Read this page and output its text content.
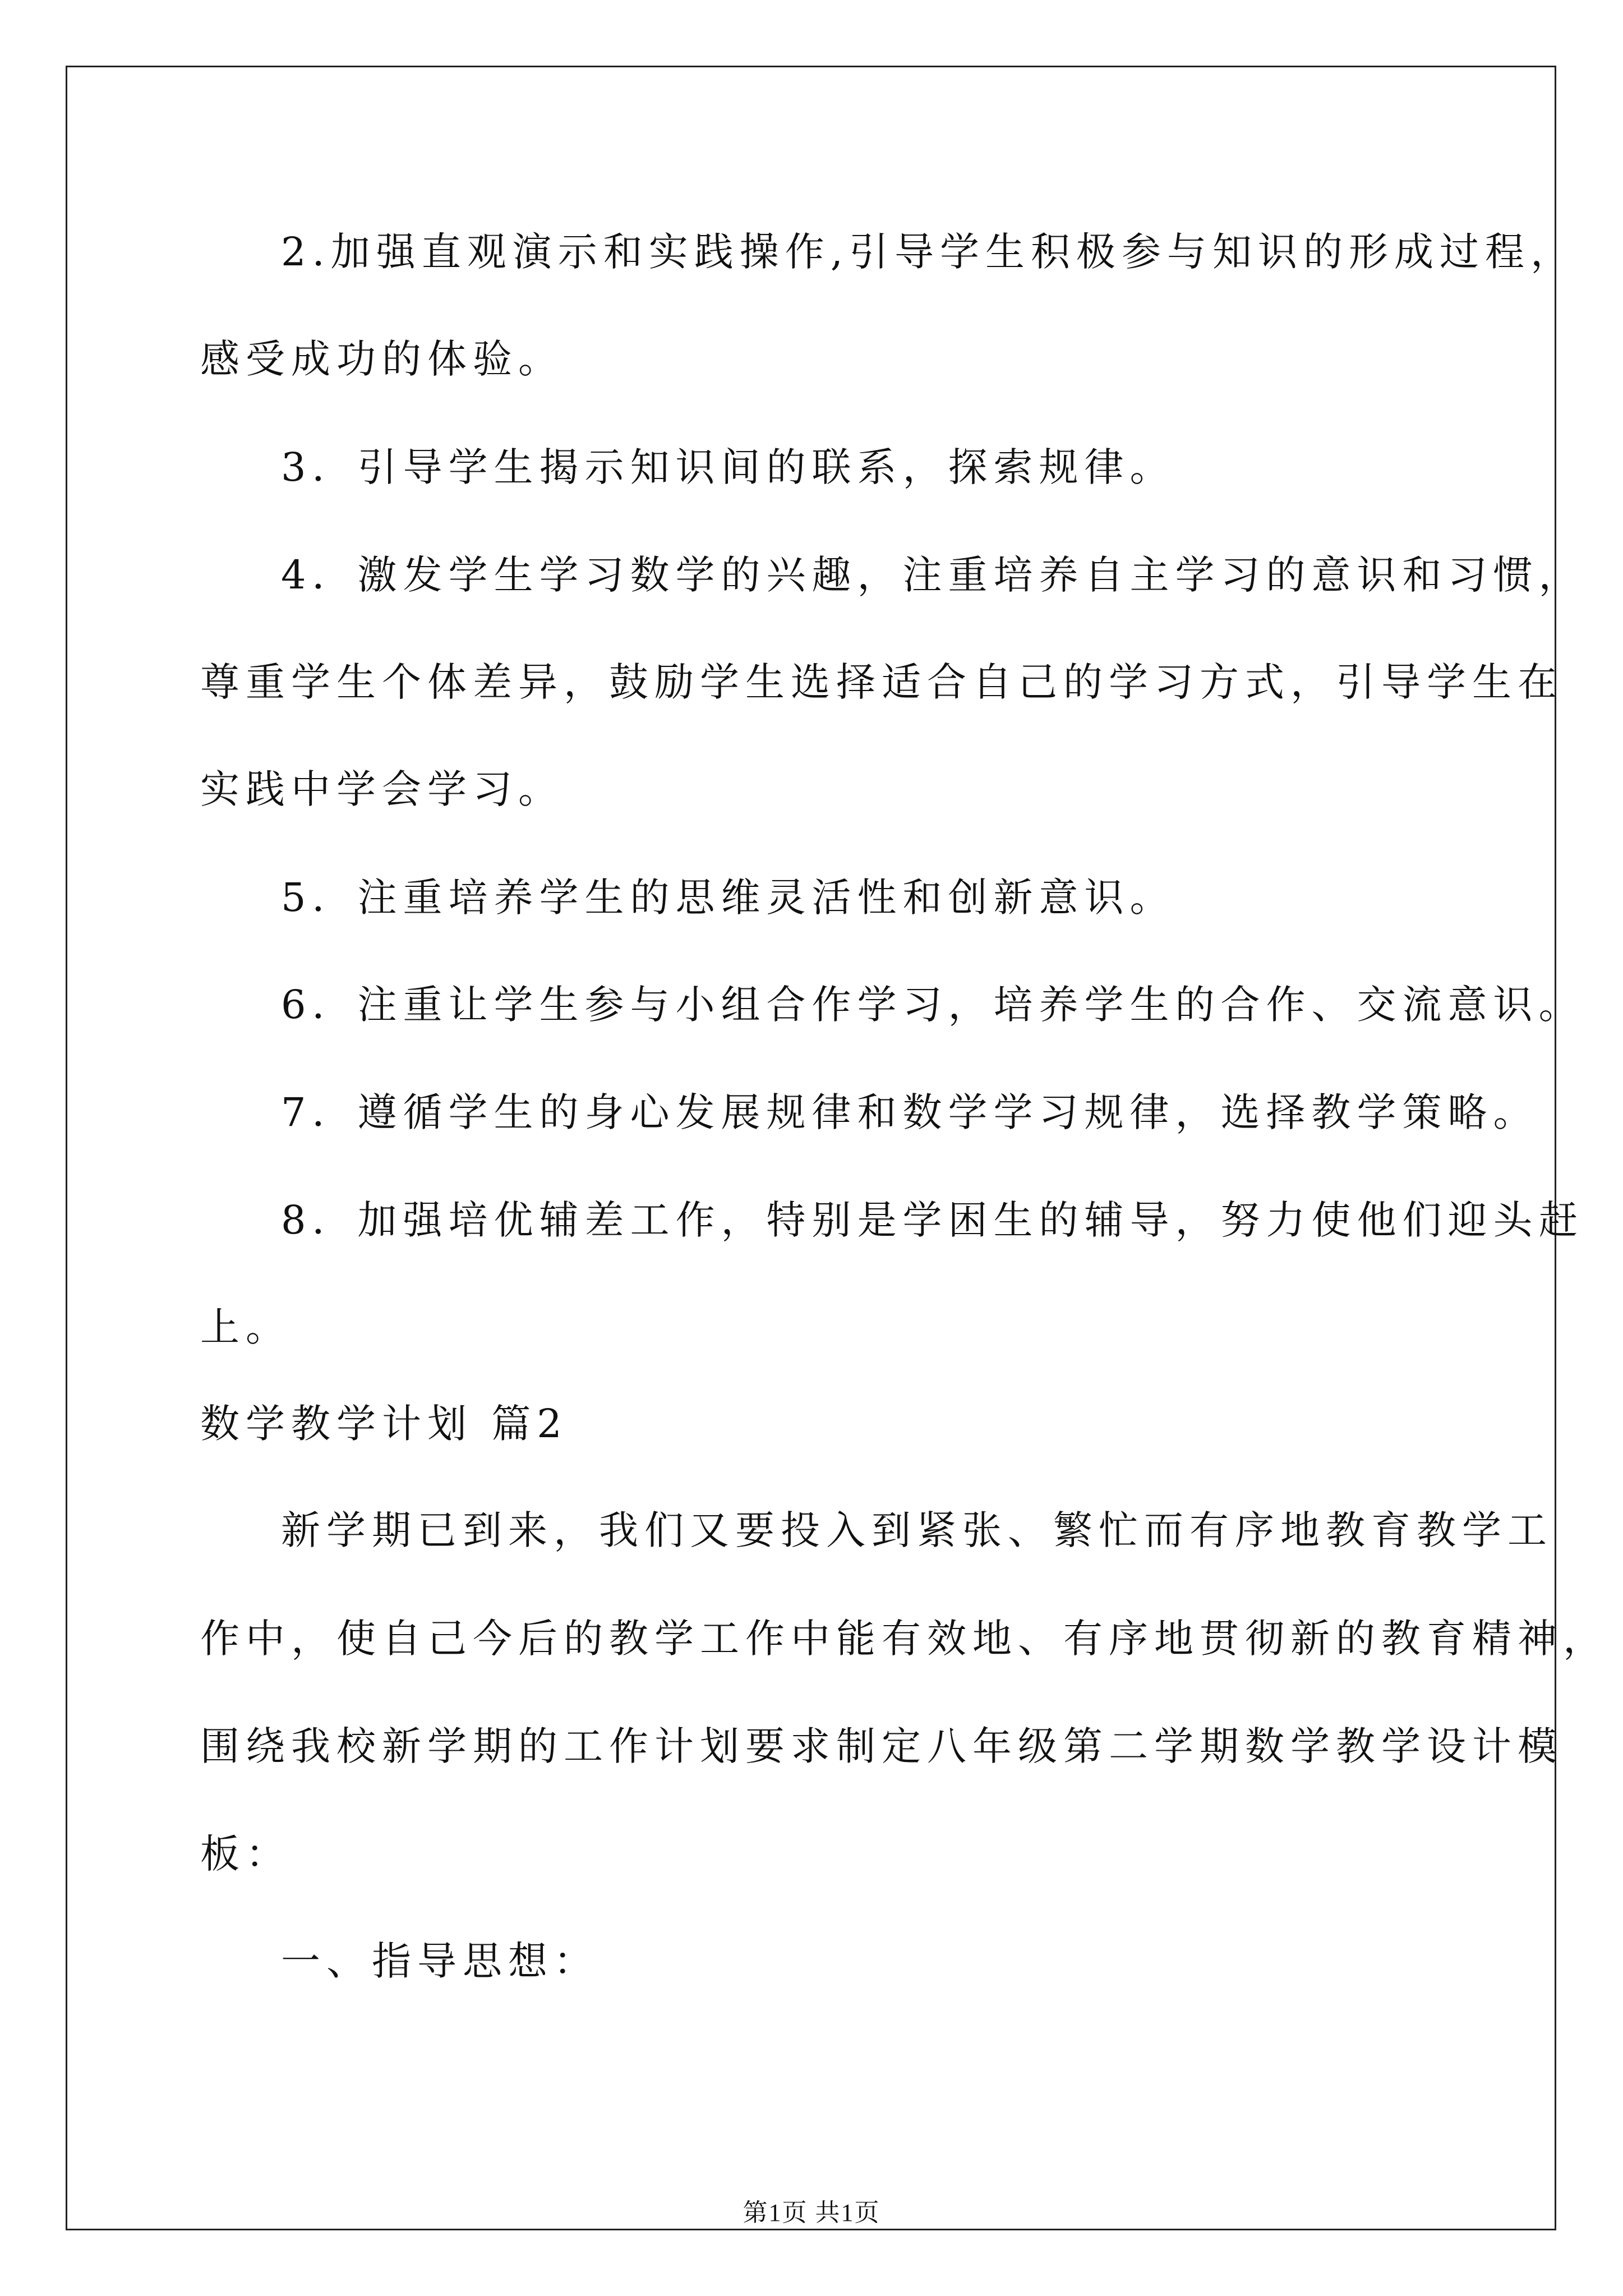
2.加强直观演示和实践操作,引导学生积极参与知识的形成过程，
感受成功的体验。
3．引导学生揭示知识间的联系，探索规律。
4．激发学生学习数学的兴趣，注重培养自主学习的意识和习惯，
尊重学生个体差异，鼓励学生选择适合自己的学习方式，引导学生在
实践中学会学习。
5．注重培养学生的思维灵活性和创新意识。
6．注重让学生参与小组合作学习，培养学生的合作、交流意识。
7．遵循学生的身心发展规律和数学学习规律，选择教学策略。
8．加强培优辅差工作，特别是学困生的辅导，努力使他们迎头赶
上。
数学教学计划 篇2
新学期已到来，我们又要投入到紧张、繁忙而有序地教育教学工
作中，使自己今后的教学工作中能有效地、有序地贯彻新的教育精神，
围绕我校新学期的工作计划要求制定八年级第二学期数学教学设计模
板：
一、指导思想：
第1页 共1页
